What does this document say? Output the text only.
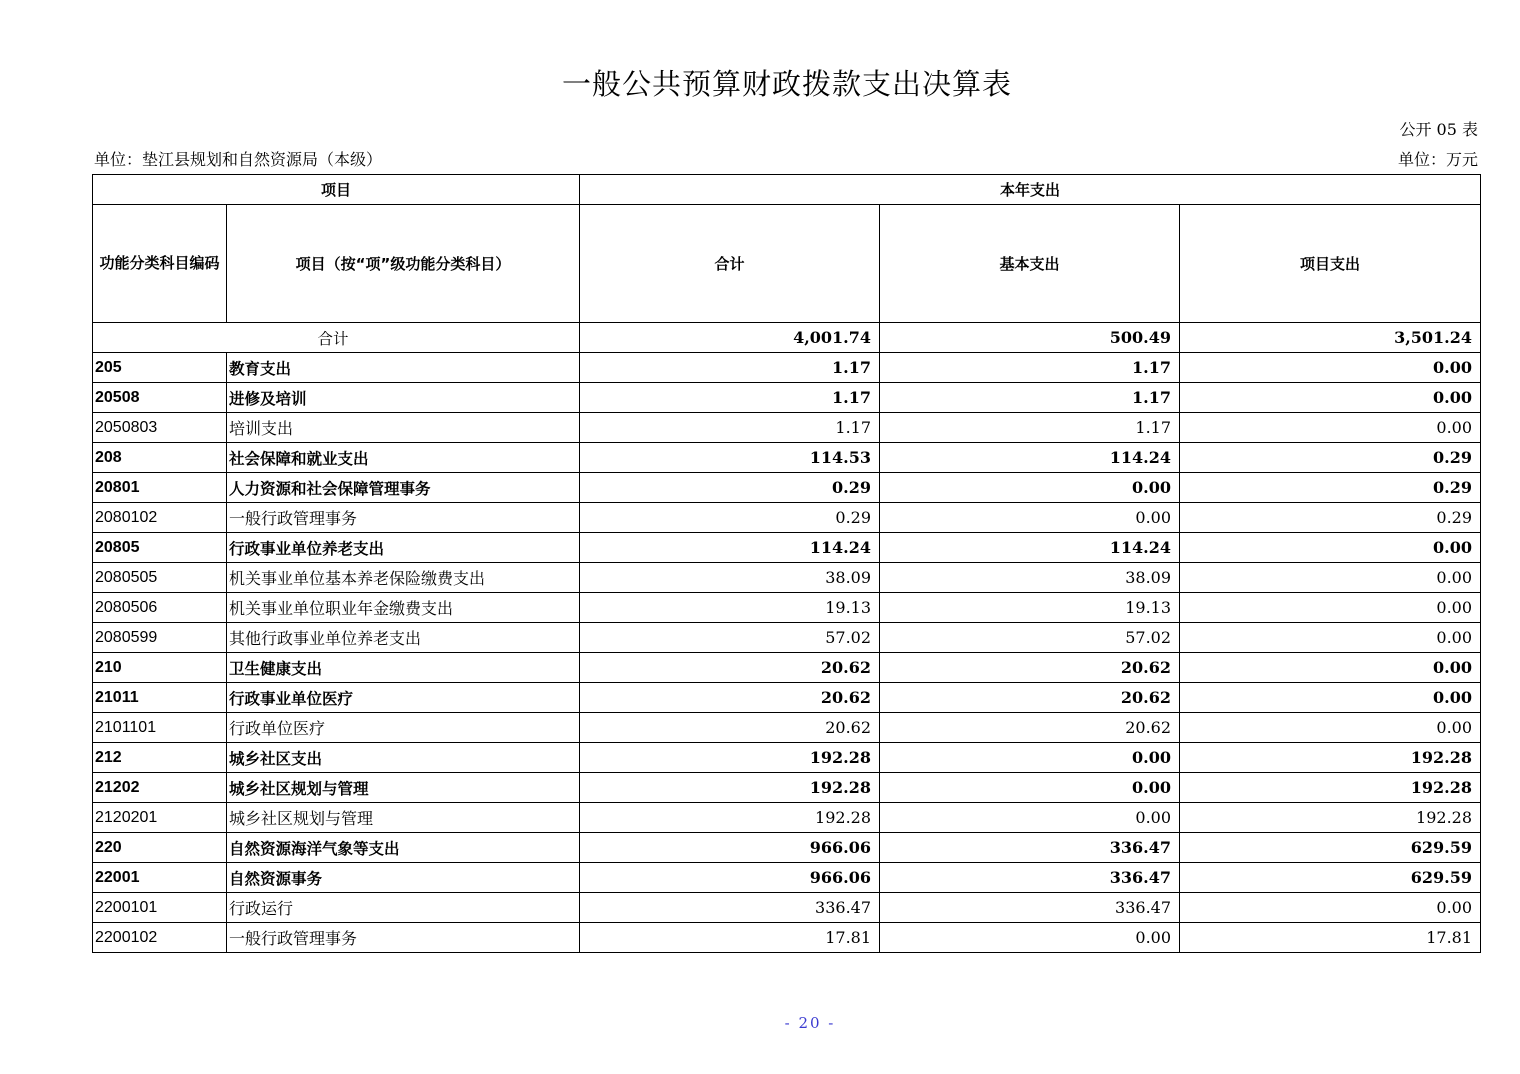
一般公共预算财政拨款支出决算表
公开 05 表
单位：垫江县规划和自然资源局（本级）	单位：万元
项目		本年支出		
功能分类科目编码	项目（按“项”级功能分类科目）	合计	基本支出	项目支出
合计		4,001.74	500.49	3,501.24
205	教育支出	1.17	1.17	0.00
20508	进修及培训	1.17	1.17	0.00
2050803	培训支出	1.17	1.17	0.00
208	社会保障和就业支出	114.53	114.24	0.29
20801	人力资源和社会保障管理事务	0.29	0.00	0.29
2080102	一般行政管理事务	0.29	0.00	0.29
20805	行政事业单位养老支出	114.24	114.24	0.00
2080505	机关事业单位基本养老保险缴费支出	38.09	38.09	0.00
2080506	机关事业单位职业年金缴费支出	19.13	19.13	0.00
2080599	其他行政事业单位养老支出	57.02	57.02	0.00
210	卫生健康支出	20.62	20.62	0.00
21011	行政事业单位医疗	20.62	20.62	0.00
2101101	行政单位医疗	20.62	20.62	0.00
212	城乡社区支出	192.28	0.00	192.28
21202	城乡社区规划与管理	192.28	0.00	192.28
2120201	城乡社区规划与管理	192.28	0.00	192.28
220	自然资源海洋气象等支出	966.06	336.47	629.59
22001	自然资源事务	966.06	336.47	629.59
2200101	行政运行	336.47	336.47	0.00
2200102	一般行政管理事务	17.81	0.00	17.81
- 20 -
